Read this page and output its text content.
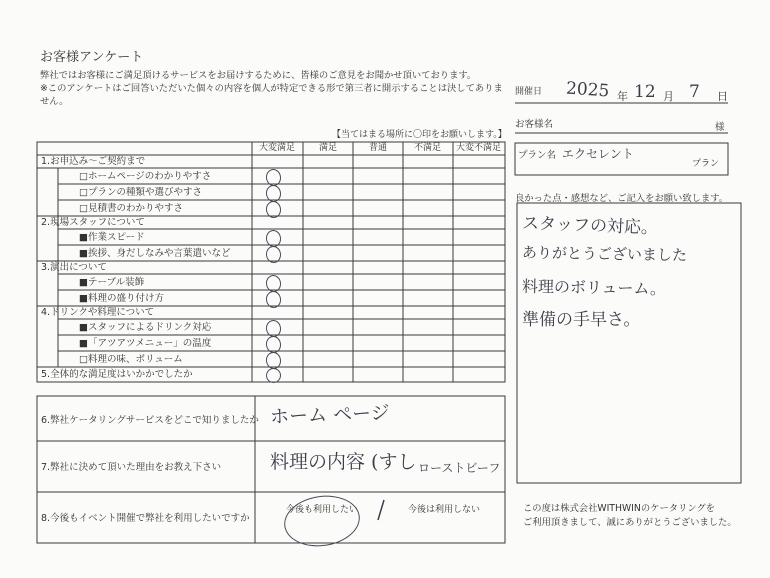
お客様アンケート
弊社ではお客様にご満足頂けるサービスをお届けするために、皆様のご意見をお聞かせ頂いております。
※このアンケートはご回答いただいた個々の内容を個人が特定できる形で第三者に開示することは決してありま
せん。
開催日 2025 年 12 月 7 日
お客様名	様
プラン名 エクセレント
プラン
良かった点・感想など、ご記入をお願い致します。
スタッフの対応。
ありがとうございました
料理のボリューム。
準備の手早さ。
この度は株式会社WITHWINのケータリングを
ご利用頂きまして、誠にありがとうございました。
【当てはまる場所に〇印をお願いします。】
大変満足	満足	普通	不満足 大変不満足
1.お申込み～ご契約まで
□ホームページのわかりやすさ
□プランの種類や選びやすさ
□見積書のわかりやすさ
2.現場スタッフについて
■作業スピード
■挨拶、身だしなみや言葉遣いなど
3.演出について
■テーブル装飾
■料理の盛り付け方
4.ドリンクや料理について
■スタッフによるドリンク対応
■「アツアツメニュー」の温度
□料理の味、ボリューム
5.全体的な満足度はいかかでしたか
6.弊社ケータリングサービスをどこで知りましたか ホーム ページ
7.弊社に決めて頂いた理由をお教え下さい	料理の内容 (すし ローストビーフ
8.今後もイベント開催で弊社を利用したいですか
今後も利用したい	今後は利用しない
